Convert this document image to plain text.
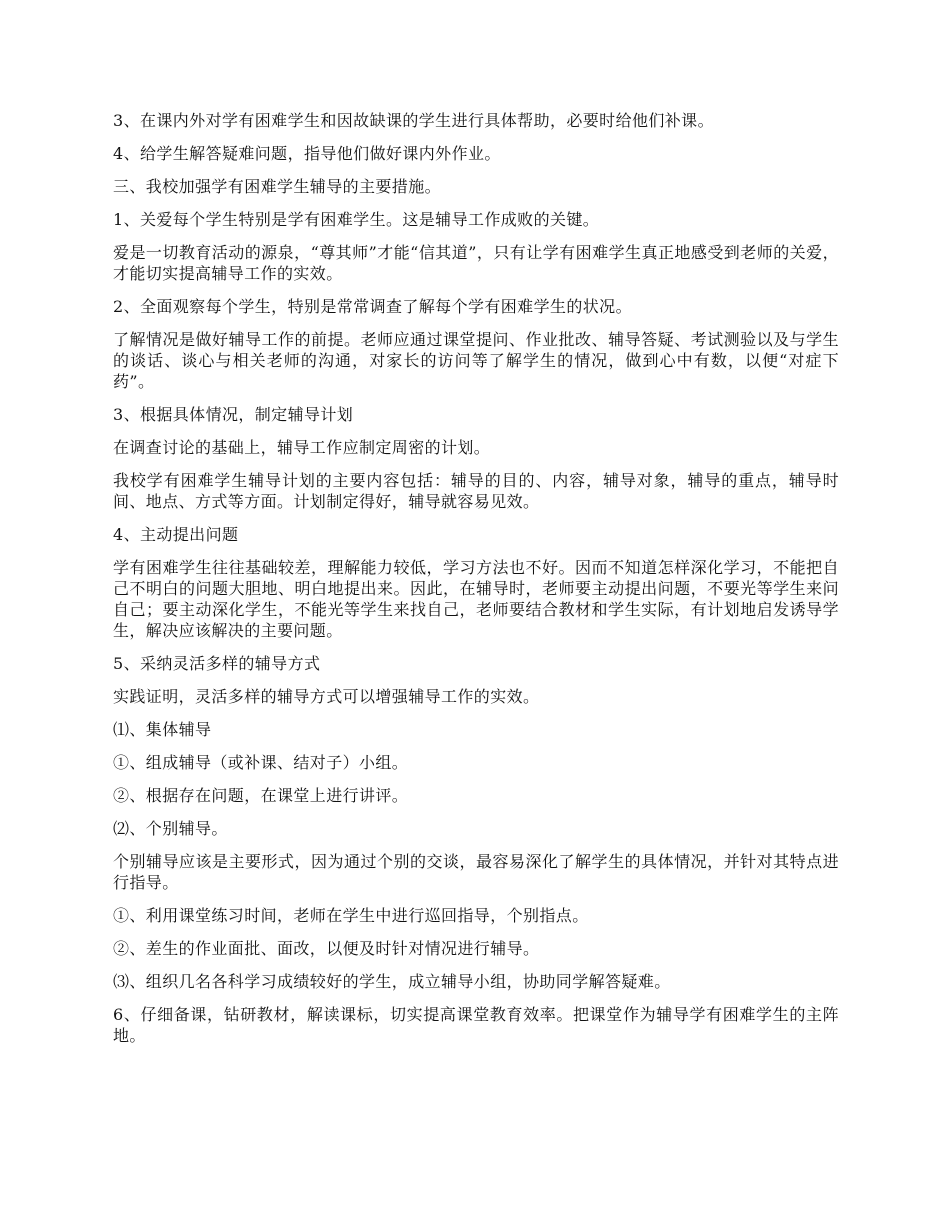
3、在课内外对学有困难学生和因故缺课的学生进行具体帮助，必要时给他们补课。

4、给学生解答疑难问题，指导他们做好课内外作业。

三、我校加强学有困难学生辅导的主要措施。

1、关爱每个学生特别是学有困难学生。这是辅导工作成败的关键。

爱是一切教育活动的源泉，“尊其师”才能“信其道”，只有让学有困难学生真正地感受到老师的关爱，才能切实提高辅导工作的实效。

2、全面观察每个学生，特别是常常调查了解每个学有困难学生的状况。

了解情况是做好辅导工作的前提。老师应通过课堂提问、作业批改、辅导答疑、考试测验以及与学生的谈话、谈心与相关老师的沟通，对家长的访问等了解学生的情况，做到心中有数，以便“对症下药”。

3、根据具体情况，制定辅导计划

在调查讨论的基础上，辅导工作应制定周密的计划。

我校学有困难学生辅导计划的主要内容包括：辅导的目的、内容，辅导对象，辅导的重点，辅导时间、地点、方式等方面。计划制定得好，辅导就容易见效。

4、主动提出问题

学有困难学生往往基础较差，理解能力较低，学习方法也不好。因而不知道怎样深化学习，不能把自己不明白的问题大胆地、明白地提出来。因此，在辅导时，老师要主动提出问题，不要光等学生来问自己；要主动深化学生，不能光等学生来找自己，老师要结合教材和学生实际，有计划地启发诱导学生，解决应该解决的主要问题。

5、采纳灵活多样的辅导方式

实践证明，灵活多样的辅导方式可以增强辅导工作的实效。

⑴、集体辅导

①、组成辅导（或补课、结对子）小组。

②、根据存在问题，在课堂上进行讲评。

⑵、个别辅导。

个别辅导应该是主要形式，因为通过个别的交谈，最容易深化了解学生的具体情况，并针对其特点进行指导。

①、利用课堂练习时间，老师在学生中进行巡回指导，个别指点。

②、差生的作业面批、面改，以便及时针对情况进行辅导。

⑶、组织几名各科学习成绩较好的学生，成立辅导小组，协助同学解答疑难。

6、仔细备课，钻研教材，解读课标，切实提高课堂教育效率。把课堂作为辅导学有困难学生的主阵地。
